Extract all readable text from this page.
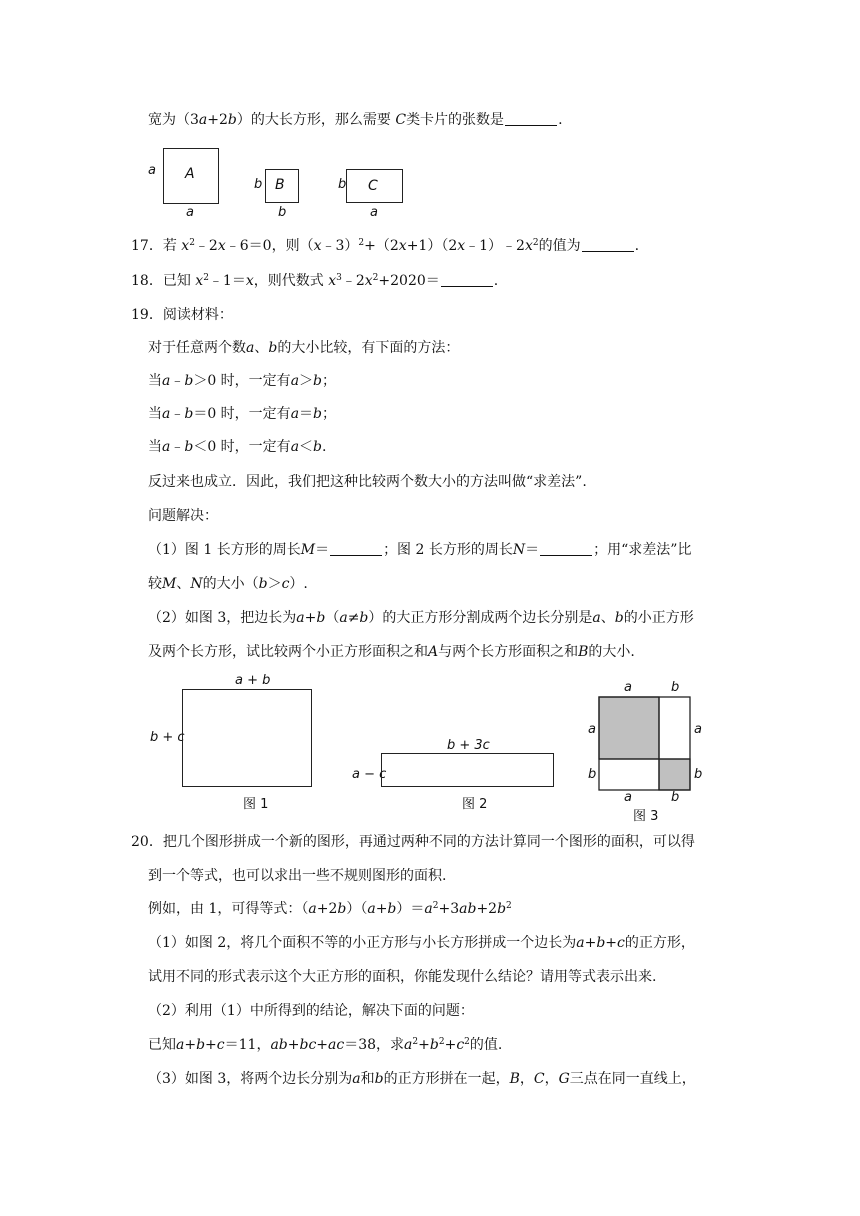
宽为（3a+2b）的大长方形，那么需要 C类卡片的张数是	.
a A
a
b B
b
b C
a
17．若 $x^2﹣2x﹣6=0$，则$(x﹣3)^2+(2x+1)(2x﹣1)﹣2x^2$的值为	.
18．已知 $x^2﹣1=x$，则代数式 $x^3﹣2x^2+2020=$	.
19．阅读材料：
对于任意两个数a、b的大小比较，有下面的方法：
当a﹣b＞0 时，一定有a＞b；
当a﹣b＝0 时，一定有a＝b；
当a﹣b＜0 时，一定有a＜b.
反过来也成立．因此，我们把这种比较两个数大小的方法叫做“求差法”.
问题解决：
（1）图 1 长方形的周长M＝	；图 2 长方形的周长N＝	；用“求差法”比
较M、N的大小（b＞c）.
（2）如图 3，把边长为a+b（a≠b）的大正方形分割成两个边长分别是a、b的小正方形
及两个长方形，试比较两个小正方形面积之和A与两个长方形面积之和B的大小.
a + b
b + c
图 1
b + 3c
a − c
图 2
a	b
a	a
b	b
a	b
图 3
20．把几个图形拼成一个新的图形，再通过两种不同的方法计算同一个图形的面积，可以得
到一个等式，也可以求出一些不规则图形的面积.
例如，由 1，可得等式：$(a+2b)(a+b)=a^2+3ab+2b^2$
（1）如图 2，将几个面积不等的小正方形与小长方形拼成一个边长为a+b+c的正方形，
试用不同的形式表示这个大正方形的面积，你能发现什么结论？请用等式表示出来.
（2）利用（1）中所得到的结论，解决下面的问题：
已知a+b+c＝11，ab+bc+ac＝38，求$a^2+b^2+c^2$的值.
（3）如图 3，将两个边长分别为a和b的正方形拼在一起，B，C，G三点在同一直线上，
